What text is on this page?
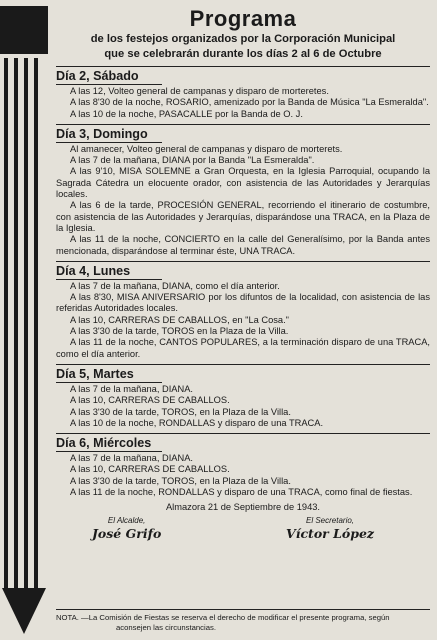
Programa

de los festejos organizados por la Corporación Municipal

que se celebrarán durante los días 2 al 6 de Octubre

Día 2, Sábado

A las 12, Volteo general de campanas y disparo de morteretes.

A las 8'30 de la noche, ROSARIO, amenizado por la Banda de Música "La Esmeralda".

A las 10 de la noche, PASACALLE por la Banda de O. J.

Día 3, Domingo

Al amanecer, Volteo general de campanas y disparo de morterets.

A las 7 de la mañana, DIANA por la Banda "La Esmeralda".

A las 9'10, MISA SOLEMNE a Gran Orquesta, en la Iglesia Parroquial, ocupando la Sagrada Cátedra un elocuente orador, con asistencia de las Autoridades y Jerarquías locales.

A las 6 de la tarde, PROCESIÓN GENERAL, recorriendo el itinerario de costumbre, con asistencia de las Autoridades y Jerarquías, disparándose una TRACA, en la Plaza de la Iglesia.

A las 11 de la noche, CONCIERTO en la calle del Generalísimo, por la Banda antes mencionada, disparándose al terminar éste, UNA TRACA.

Día 4, Lunes

A las 7 de la mañana, DIANA, como el día anterior.

A las 8'30, MISA ANIVERSARIO por los difuntos de la localidad, con asistencia de las referidas Autoridades locales.

A las 10, CARRERAS DE CABALLOS, en "La Cosa."

A las 3'30 de la tarde, TOROS en la Plaza de la Villa.

A las 11 de la noche, CANTOS POPULARES, a la terminación disparo de una TRACA, como el día anterior.

Día 5, Martes

A las 7 de la mañana, DIANA.

A las 10, CARRERAS DE CABALLOS.

A las 3'30 de la tarde, TOROS, en la Plaza de la Villa.

A las 10 de la noche, RONDALLAS y disparo de una TRACA.

Día 6, Miércoles

A las 7 de la mañana, DIANA.

A las 10, CARRERAS DE CABALLOS.

A las 3'30 de la tarde, TOROS, en la Plaza de la Villa.

A las 11 de la noche, RONDALLAS y disparo de una TRACA, como final de fiestas.

Almazora 21 de Septiembre de 1943.
El Alcalde,
José Grifo
El Secretario,
Víctor López
NOTA. —La Comisión de Fiestas se reserva el derecho de modificar el presente programa, según
aconsejen las circunstancias.
